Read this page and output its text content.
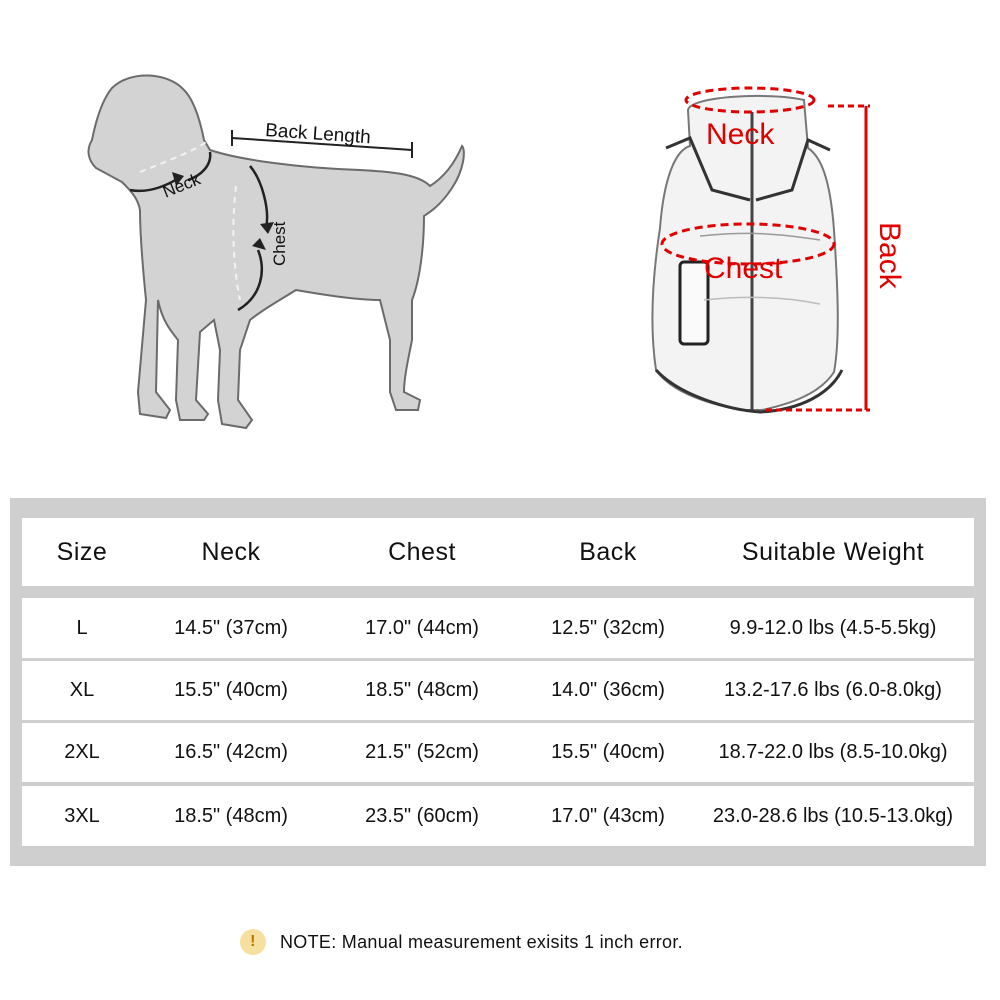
Back Length
Neck
Chest
Neck
Chest	Back
Size	Neck	Chest	Back	Suitable Weight
L	14.5" (37cm)	17.0" (44cm)	12.5" (32cm)	9.9-12.0 lbs (4.5-5.5kg)
XL	15.5" (40cm)	18.5" (48cm)	14.0" (36cm)	13.2-17.6 lbs (6.0-8.0kg)
2XL	16.5" (42cm)	21.5" (52cm)	15.5" (40cm)	18.7-22.0 lbs (8.5-10.0kg)
3XL	18.5" (48cm)	23.5" (60cm)	17.0" (43cm)	23.0-28.6 lbs (10.5-13.0kg)
!	NOTE: Manual measurement exisits 1 inch error.
